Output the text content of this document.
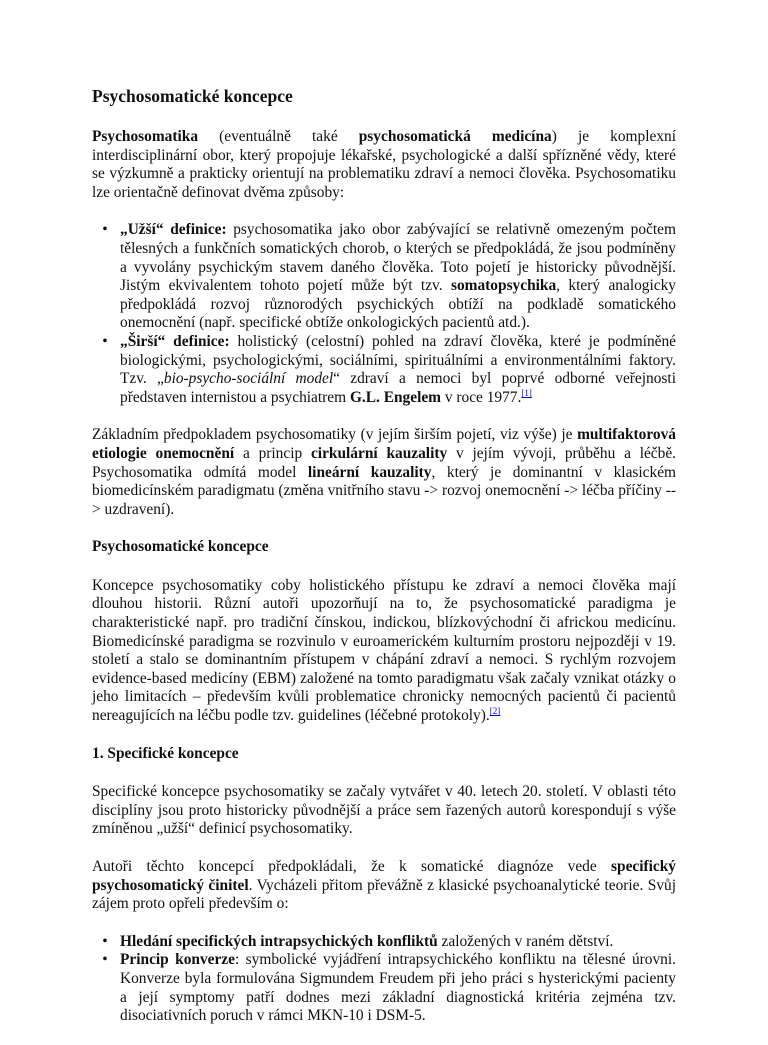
Psychosomatické koncepce

Psychosomatika (eventuálně také psychosomatická medicína) je komplexní interdisciplinární obor, který propojuje lékařské, psychologické a další spřízněné vědy, které se výzkumně a prakticky orientují na problematiku zdraví a nemoci člověka. Psychosomatiku lze orientačně definovat dvěma způsoby:

• „Užší“ definice: psychosomatika jako obor zabývající se relativně omezeným počtem tělesných a funkčních somatických chorob, o kterých se předpokládá, že jsou podmíněny a vyvolány psychickým stavem daného člověka. Toto pojetí je historicky původnější. Jistým ekvivalentem tohoto pojetí může být tzv. somatopsychika, který analogicky předpokládá rozvoj různorodých psychických obtíží na podkladě somatického onemocnění (např. specifické obtíže onkologických pacientů atd.).
• „Širší“ definice: holistický (celostní) pohled na zdraví člověka, které je podmíněné biologickými, psychologickými, sociálními, spirituálními a environmentálními faktory. Tzv. „bio-psycho-sociální model“ zdraví a nemoci byl poprvé odborné veřejnosti představen internistou a psychiatrem G.L. Engelem v roce 1977.[1]

Základním předpokladem psychosomatiky (v jejím širším pojetí, viz výše) je multifaktorová etiologie onemocnění a princip cirkulární kauzality v jejím vývoji, průběhu a léčbě. Psychosomatika odmítá model lineární kauzality, který je dominantní v klasickém biomedicínském paradigmatu (změna vnitřního stavu -> rozvoj onemocnění -> léčba příčiny --> uzdravení).

Psychosomatické koncepce

Koncepce psychosomatiky coby holistického přístupu ke zdraví a nemoci člověka mají dlouhou historii. Různí autoři upozorňují na to, že psychosomatické paradigma je charakteristické např. pro tradiční čínskou, indickou, blízkovýchodní či africkou medicínu. Biomedicínské paradigma se rozvinulo v euroamerickém kulturním prostoru nejpozději v 19. století a stalo se dominantním přístupem v chápání zdraví a nemoci. S rychlým rozvojem evidence-based medicíny (EBM) založené na tomto paradigmatu však začaly vznikat otázky o jeho limitacích – především kvůli problematice chronicky nemocných pacientů či pacientů nereagujících na léčbu podle tzv. guidelines (léčebné protokoly).[2]

1. Specifické koncepce

Specifické koncepce psychosomatiky se začaly vytvářet v 40. letech 20. století. V oblasti této disciplíny jsou proto historicky původnější a práce sem řazených autorů korespondují s výše zmíněnou „užší“ definicí psychosomatiky.

Autoři těchto koncepcí předpokládali, že k somatické diagnóze vede specifický psychosomatický činitel. Vycházeli přitom převážně z klasické psychoanalytické teorie. Svůj zájem proto opřeli především o:

• Hledání specifických intrapsychických konfliktů založených v raném dětství.
• Princip konverze: symbolické vyjádření intrapsychického konfliktu na tělesné úrovni. Konverze byla formulována Sigmundem Freudem při jeho práci s hysterickými pacienty a její symptomy patří dodnes mezi základní diagnostická kritéria zejména tzv. disociativních poruch v rámci MKN-10 i DSM-5.
